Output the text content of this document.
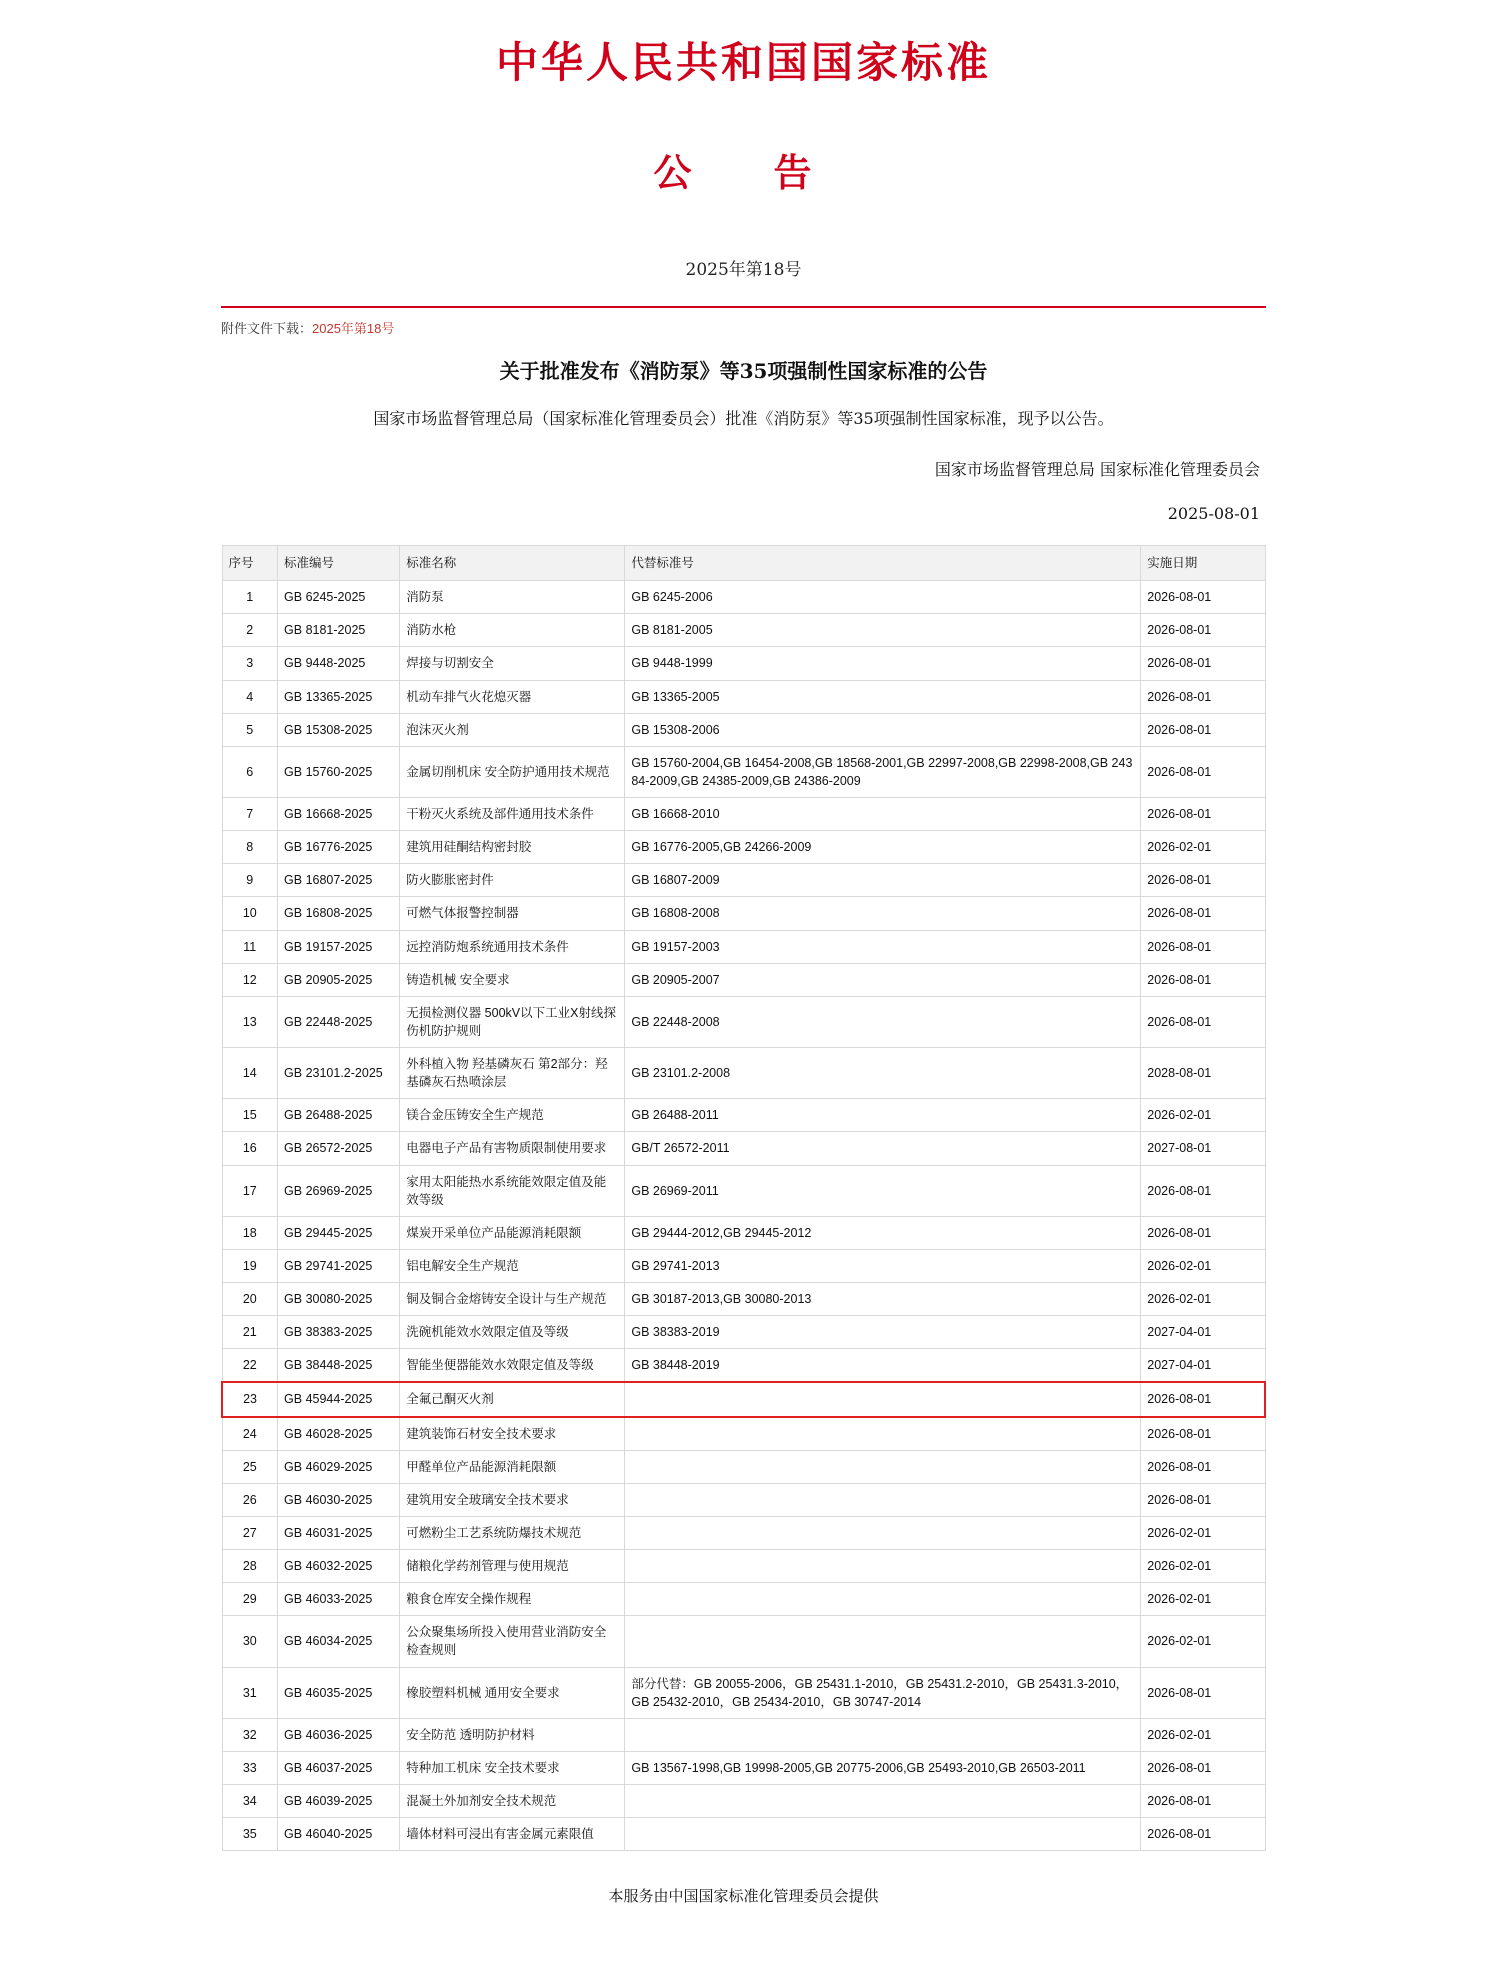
中华人民共和国国家标准
公　告
2025年第18号
附件文件下载：2025年第18号
关于批准发布《消防泵》等35项强制性国家标准的公告
国家市场监督管理总局（国家标准化管理委员会）批准《消防泵》等35项强制性国家标准，现予以公告。
国家市场监督管理总局 国家标准化管理委员会
2025-08-01
序号	标准编号	标准名称	代替标准号	实施日期
1	GB 6245-2025	消防泵	GB 6245-2006	2026-08-01
2	GB 8181-2025	消防水枪	GB 8181-2005	2026-08-01
3	GB 9448-2025	焊接与切割安全	GB 9448-1999	2026-08-01
4	GB 13365-2025	机动车排气火花熄灭器	GB 13365-2005	2026-08-01
5	GB 15308-2025	泡沫灭火剂	GB 15308-2006	2026-08-01
6	GB 15760-2025	金属切削机床 安全防护通用技术规范	GB 15760-2004,GB 16454-2008,GB 18568-2001,GB 22997-2008,GB 22998-2008,GB 24384-2009,GB 24385-2009,GB 24386-2009	2026-08-01
7	GB 16668-2025	干粉灭火系统及部件通用技术条件	GB 16668-2010	2026-08-01
8	GB 16776-2025	建筑用硅酮结构密封胶	GB 16776-2005,GB 24266-2009	2026-02-01
9	GB 16807-2025	防火膨胀密封件	GB 16807-2009	2026-08-01
10	GB 16808-2025	可燃气体报警控制器	GB 16808-2008	2026-08-01
11	GB 19157-2025	远控消防炮系统通用技术条件	GB 19157-2003	2026-08-01
12	GB 20905-2025	铸造机械 安全要求	GB 20905-2007	2026-08-01
13	GB 22448-2025	无损检测仪器 500kV以下工业X射线探伤机防护规则	GB 22448-2008	2026-08-01
14	GB 23101.2-2025	外科植入物 羟基磷灰石 第2部分：羟基磷灰石热喷涂层	GB 23101.2-2008	2028-08-01
15	GB 26488-2025	镁合金压铸安全生产规范	GB 26488-2011	2026-02-01
16	GB 26572-2025	电器电子产品有害物质限制使用要求	GB/T 26572-2011	2027-08-01
17	GB 26969-2025	家用太阳能热水系统能效限定值及能效等级	GB 26969-2011	2026-08-01
18	GB 29445-2025	煤炭开采单位产品能源消耗限额	GB 29444-2012,GB 29445-2012	2026-08-01
19	GB 29741-2025	铝电解安全生产规范	GB 29741-2013	2026-02-01
20	GB 30080-2025	铜及铜合金熔铸安全设计与生产规范	GB 30187-2013,GB 30080-2013	2026-02-01
21	GB 38383-2025	洗碗机能效水效限定值及等级	GB 38383-2019	2027-04-01
22	GB 38448-2025	智能坐便器能效水效限定值及等级	GB 38448-2019	2027-04-01
23	GB 45944-2025	全氟己酮灭火剂		2026-08-01
24	GB 46028-2025	建筑装饰石材安全技术要求		2026-08-01
25	GB 46029-2025	甲醛单位产品能源消耗限额		2026-08-01
26	GB 46030-2025	建筑用安全玻璃安全技术要求		2026-08-01
27	GB 46031-2025	可燃粉尘工艺系统防爆技术规范		2026-02-01
28	GB 46032-2025	储粮化学药剂管理与使用规范		2026-02-01
29	GB 46033-2025	粮食仓库安全操作规程		2026-02-01
30	GB 46034-2025	公众聚集场所投入使用营业消防安全检查规则		2026-02-01
31	GB 46035-2025	橡胶塑料机械 通用安全要求	部分代替：GB 20055-2006，GB 25431.1-2010，GB 25431.2-2010，GB 25431.3-2010，GB 25432-2010，GB 25434-2010，GB 30747-2014	2026-08-01
32	GB 46036-2025	安全防范 透明防护材料		2026-02-01
33	GB 46037-2025	特种加工机床 安全技术要求	GB 13567-1998,GB 19998-2005,GB 20775-2006,GB 25493-2010,GB 26503-2011	2026-08-01
34	GB 46039-2025	混凝土外加剂安全技术规范		2026-08-01
35	GB 46040-2025	墙体材料可浸出有害金属元素限值		2026-08-01
本服务由中国国家标准化管理委员会提供
